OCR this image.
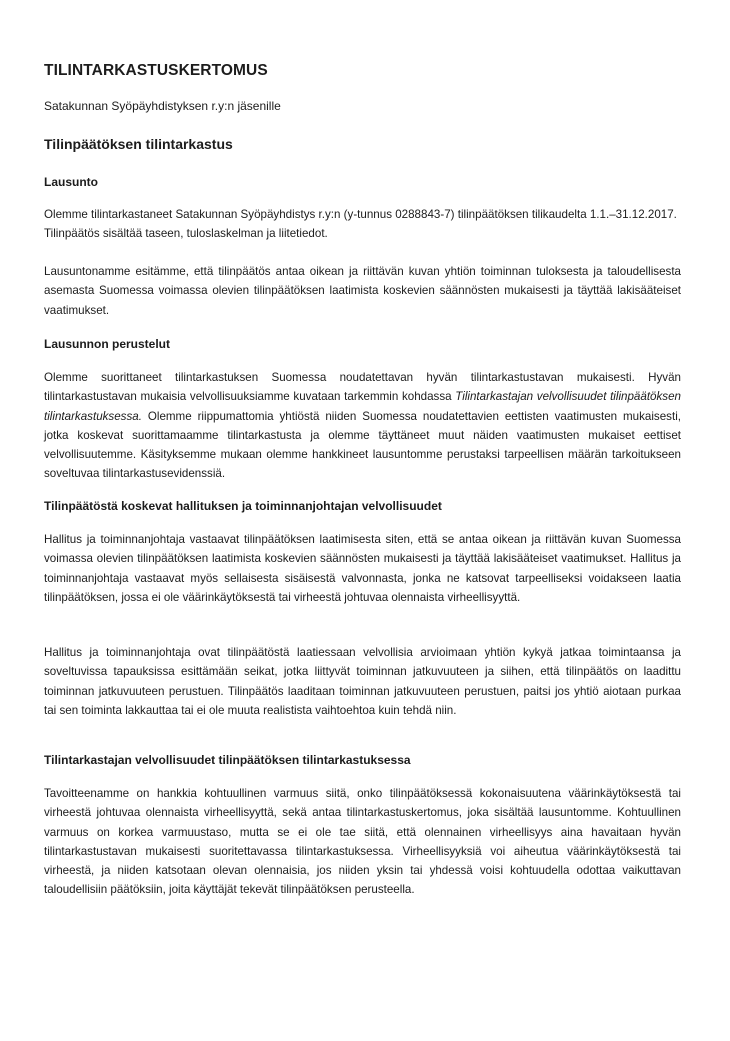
TILINTARKASTUSKERTOMUS

Satakunnan Syöpäyhdistyksen r.y:n jäsenille

Tilinpäätöksen tilintarkastus
Lausunto

Olemme tilintarkastaneet Satakunnan Syöpäyhdistys r.y:n (y-tunnus 0288843-7) tilinpäätöksen tilikaudelta 1.1.–31.12.2017. Tilinpäätös sisältää taseen, tuloslaskelman ja liitetiedot.

Lausuntonamme esitämme, että tilinpäätös antaa oikean ja riittävän kuvan yhtiön toiminnan tuloksesta ja taloudellisesta asemasta Suomessa voimassa olevien tilinpäätöksen laatimista koskevien säännösten mukaisesti ja täyttää lakisääteiset vaatimukset.

Lausunnon perustelut

Olemme suorittaneet tilintarkastuksen Suomessa noudatettavan hyvän tilintarkastustavan mukaisesti. Hyvän tilintarkastustavan mukaisia velvollisuuksiamme kuvataan tarkemmin kohdassa Tilintarkastajan velvollisuudet tilinpäätöksen tilintarkastuksessa. Olemme riippumattomia yhtiöstä niiden Suomessa noudatettavien eettisten vaatimusten mukaisesti, jotka koskevat suorittamaamme tilintarkastusta ja olemme täyttäneet muut näiden vaatimusten mukaiset eettiset velvollisuutemme. Käsityksemme mukaan olemme hankkineet lausuntomme perustaksi tarpeellisen määrän tarkoitukseen soveltuvaa tilintarkastusevidenssiä.

Tilinpäätöstä koskevat hallituksen ja toiminnanjohtajan velvollisuudet

Hallitus ja toiminnanjohtaja vastaavat tilinpäätöksen laatimisesta siten, että se antaa oikean ja riittävän kuvan Suomessa voimassa olevien tilinpäätöksen laatimista koskevien säännösten mukaisesti ja täyttää lakisääteiset vaatimukset. Hallitus ja toiminnanjohtaja vastaavat myös sellaisesta sisäisestä valvonnasta, jonka ne katsovat tarpeelliseksi voidakseen laatia tilinpäätöksen, jossa ei ole väärinkäytöksestä tai virheestä johtuvaa olennaista virheellisyyttä.

Hallitus ja toiminnanjohtaja ovat tilinpäätöstä laatiessaan velvollisia arvioimaan yhtiön kykyä jatkaa toimintaansa ja soveltuvissa tapauksissa esittämään seikat, jotka liittyvät toiminnan jatkuvuuteen ja siihen, että tilinpäätös on laadittu toiminnan jatkuvuuteen perustuen. Tilinpäätös laaditaan toiminnan jatkuvuuteen perustuen, paitsi jos yhtiö aiotaan purkaa tai sen toiminta lakkauttaa tai ei ole muuta realistista vaihtoehtoa kuin tehdä niin.

Tilintarkastajan velvollisuudet tilinpäätöksen tilintarkastuksessa

Tavoitteenamme on hankkia kohtuullinen varmuus siitä, onko tilinpäätöksessä kokonaisuutena väärinkäytöksestä tai virheestä johtuvaa olennaista virheellisyyttä, sekä antaa tilintarkastuskertomus, joka sisältää lausuntomme. Kohtuullinen varmuus on korkea varmuustaso, mutta se ei ole tae siitä, että olennainen virheellisyys aina havaitaan hyvän tilintarkastustavan mukaisesti suoritettavassa tilintarkastuksessa. Virheellisyyksiä voi aiheutua väärinkäytöksestä tai virheestä, ja niiden katsotaan olevan olennaisia, jos niiden yksin tai yhdessä voisi kohtuudella odottaa vaikuttavan taloudellisiin päätöksiin, joita käyttäjät tekevät tilinpäätöksen perusteella.
